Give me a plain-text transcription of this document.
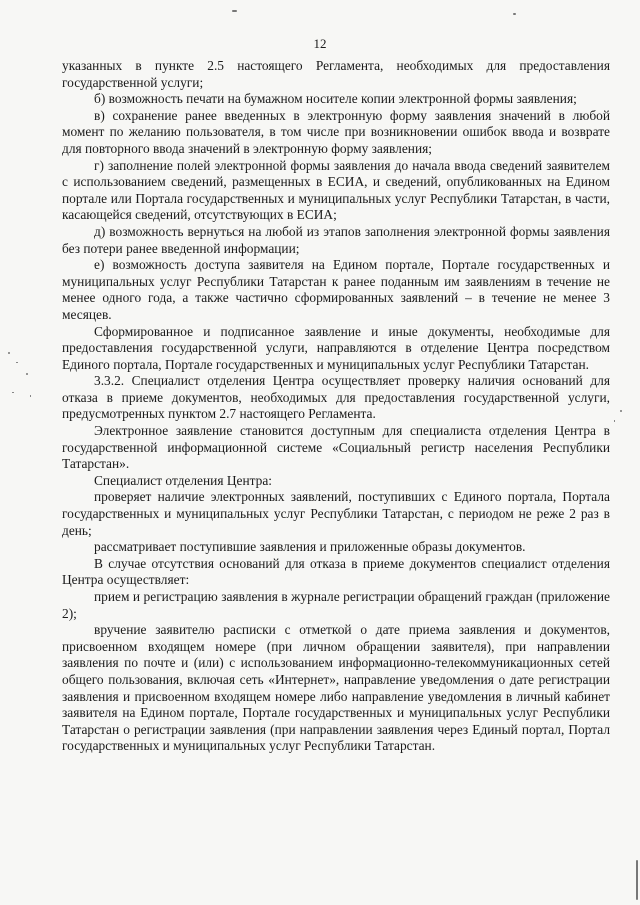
12

указанных в пункте 2.5 настоящего Регламента, необходимых для предоставления государственной услуги;

б) возможность печати на бумажном носителе копии электронной формы заявления;

в) сохранение ранее введенных в электронную форму заявления значений в любой момент по желанию пользователя, в том числе при возникновении ошибок ввода и возврате для повторного ввода значений в электронную форму заявления;

г) заполнение полей электронной формы заявления до начала ввода сведений заявителем с использованием сведений, размещенных в ЕСИА, и сведений, опубликованных на Едином портале или Портала государственных и муниципальных услуг Республики Татарстан, в части, касающейся сведений, отсутствующих в ЕСИА;

д) возможность вернуться на любой из этапов заполнения электронной формы заявления без потери ранее введенной информации;

е) возможность доступа заявителя на Едином портале, Портале государственных и муниципальных услуг Республики Татарстан к ранее поданным им заявлениям в течение не менее одного года, а также частично сформированных заявлений – в течение не менее 3 месяцев.

Сформированное и подписанное заявление и иные документы, необходимые для предоставления государственной услуги, направляются в отделение Центра посредством Единого портала, Портале государственных и муниципальных услуг Республики Татарстан.

3.3.2. Специалист отделения Центра осуществляет проверку наличия оснований для отказа в приеме документов, необходимых для предоставления государственной услуги, предусмотренных пунктом 2.7 настоящего Регламента.

Электронное заявление становится доступным для специалиста отделения Центра в государственной информационной системе «Социальный регистр населения Республики Татарстан».

Специалист отделения Центра:

проверяет наличие электронных заявлений, поступивших с Единого портала, Портала государственных и муниципальных услуг Республики Татарстан, с периодом не реже 2 раз в день;

рассматривает поступившие заявления и приложенные образы документов.

В случае отсутствия оснований для отказа в приеме документов специалист отделения Центра осуществляет:

прием и регистрацию заявления в журнале регистрации обращений граждан (приложение 2);

вручение заявителю расписки с отметкой о дате приема заявления и документов, присвоенном входящем номере (при личном обращении заявителя), при направлении заявления по почте и (или) с использованием информационно-телекоммуникационных сетей общего пользования, включая сеть «Интернет», направление уведомления о дате регистрации заявления и присвоенном входящем номере либо направление уведомления в личный кабинет заявителя на Едином портале, Портале государственных и муниципальных услуг Республики Татарстан о регистрации заявления (при направлении заявления через Единый портал, Портал государственных и муниципальных услуг Республики Татарстан.
